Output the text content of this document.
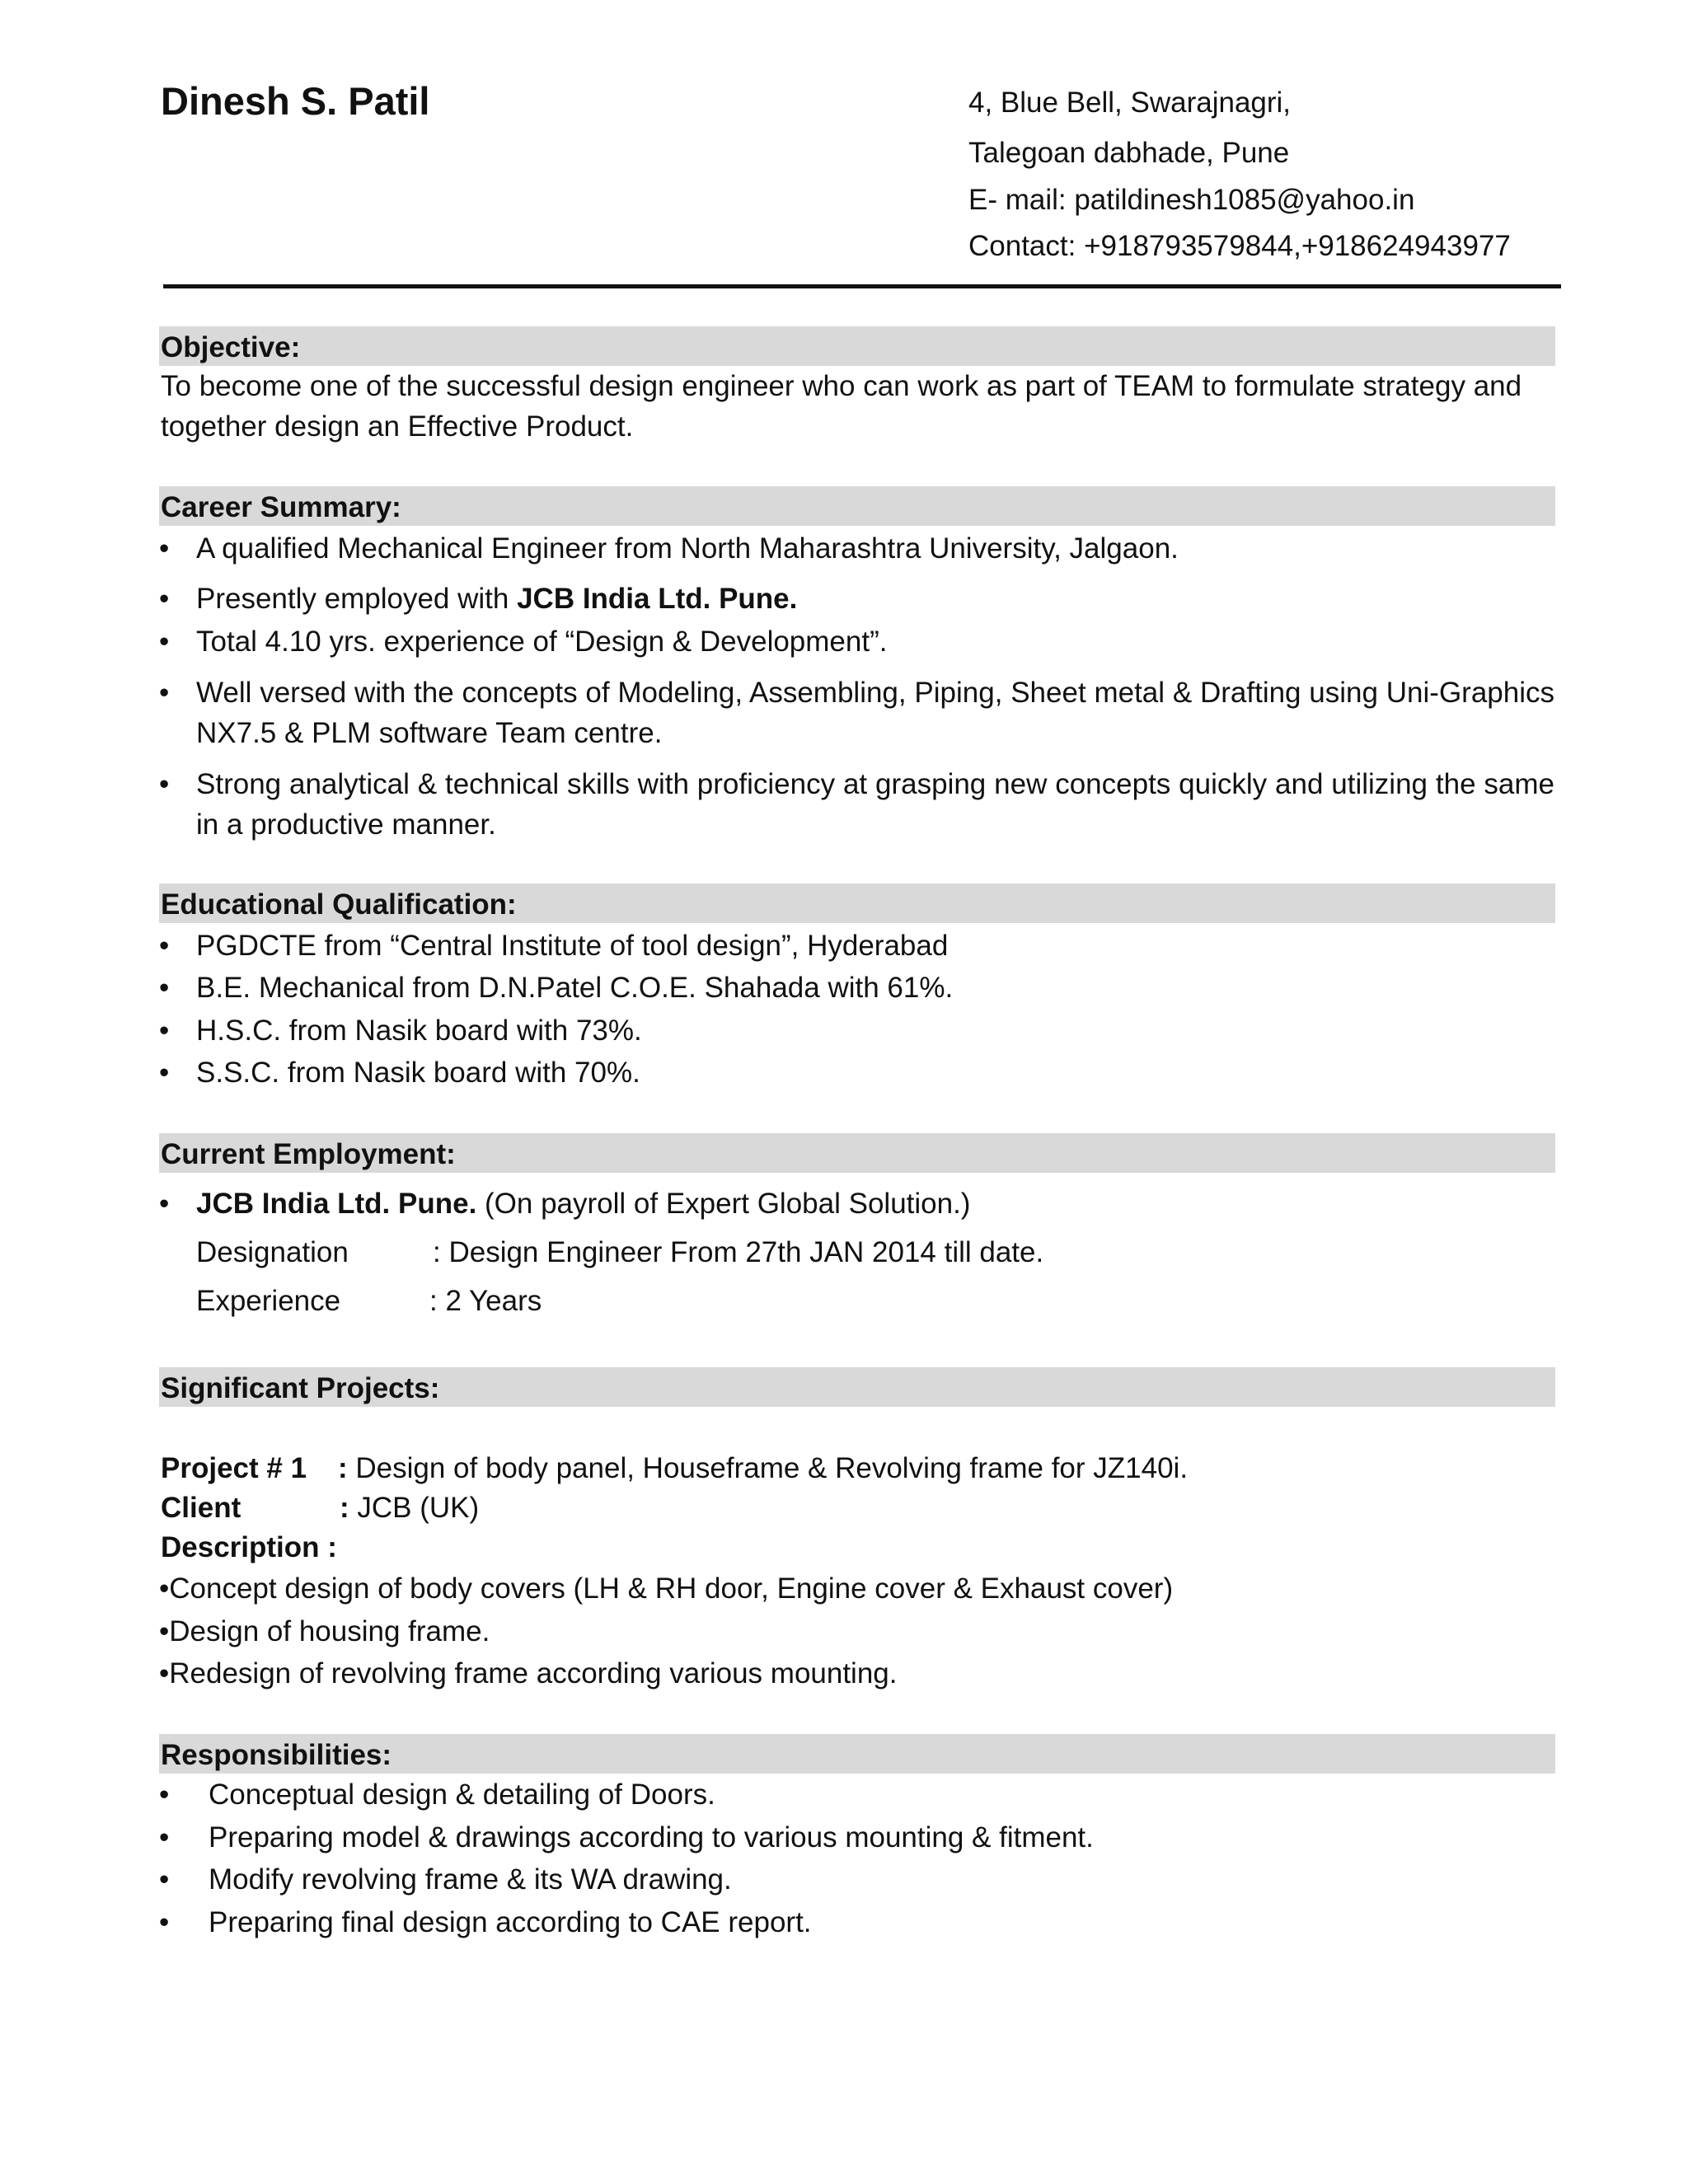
Dinesh S. Patil	4, Blue Bell, Swarajnagri,
Talegoan dabhade, Pune
E- mail: patildinesh1085@yahoo.in
Contact: +918793579844,+918624943977
Objective:
To become one of the successful design engineer who can work as part of TEAM to formulate strategy and together design an Effective Product.
Career Summary:
• A qualified Mechanical Engineer from North Maharashtra University, Jalgaon.
• Presently employed with JCB India Ltd. Pune.
• Total 4.10 yrs. experience of “Design & Development”.
• Well versed with the concepts of Modeling, Assembling, Piping, Sheet metal & Drafting using Uni-Graphics NX7.5 & PLM software Team centre.
• Strong analytical & technical skills with proficiency at grasping new concepts quickly and utilizing the same in a productive manner.
Educational Qualification:
• PGDCTE from “Central Institute of tool design”, Hyderabad
• B.E. Mechanical from D.N.Patel C.O.E. Shahada with 61%.
• H.S.C. from Nasik board with 73%.
• S.S.C. from Nasik board with 70%.
Current Employment:
• JCB India Ltd. Pune. (On payroll of Expert Global Solution.)
Designation	: Design Engineer From 27th JAN 2014 till date.
Experience	: 2 Years
Significant Projects:
Project # 1 : Design of body panel, Houseframe & Revolving frame for JZ140i.
Client	: JCB (UK)
Description :
•Concept design of body covers (LH & RH door, Engine cover & Exhaust cover)
•Design of housing frame.
•Redesign of revolving frame according various mounting.
Responsibilities:
• Conceptual design & detailing of Doors.
• Preparing model & drawings according to various mounting & fitment.
• Modify revolving frame & its WA drawing.
• Preparing final design according to CAE report.
